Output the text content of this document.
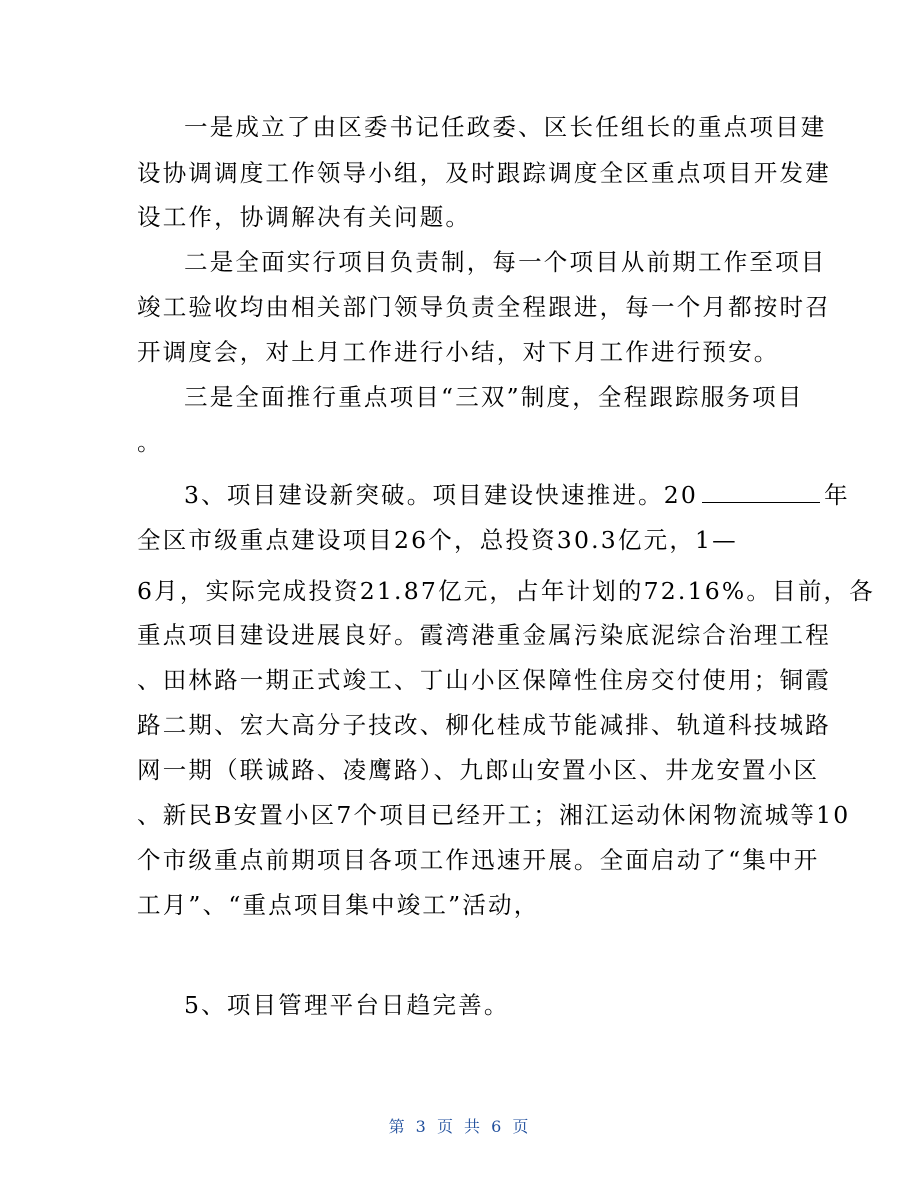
一是成立了由区委书记任政委、区长任组长的重点项目建
设协调调度工作领导小组，及时跟踪调度全区重点项目开发建
设工作，协调解决有关问题。
二是全面实行项目负责制，每一个项目从前期工作至项目
竣工验收均由相关部门领导负责全程跟进，每一个月都按时召
开调度会，对上月工作进行小结，对下月工作进行预安。
三是全面推行重点项目“三双”制度，全程跟踪服务项目
。
3、项目建设新突破。项目建设快速推进。20	年
全区市级重点建设项目26个，总投资30.3亿元，1—
6月，实际完成投资21.87亿元，占年计划的72.16%。目前，各
重点项目建设进展良好。霞湾港重金属污染底泥综合治理工程
、田林路一期正式竣工、丁山小区保障性住房交付使用；铜霞
路二期、宏大高分子技改、柳化桂成节能减排、轨道科技城路
网一期（联诚路、凌鹰路）、九郎山安置小区、井龙安置小区
、新民B安置小区7个项目已经开工；湘江运动休闲物流城等10
个市级重点前期项目各项工作迅速开展。全面启动了“集中开
工月”、“重点项目集中竣工”活动，
5、项目管理平台日趋完善。
第 3 页 共 6 页
